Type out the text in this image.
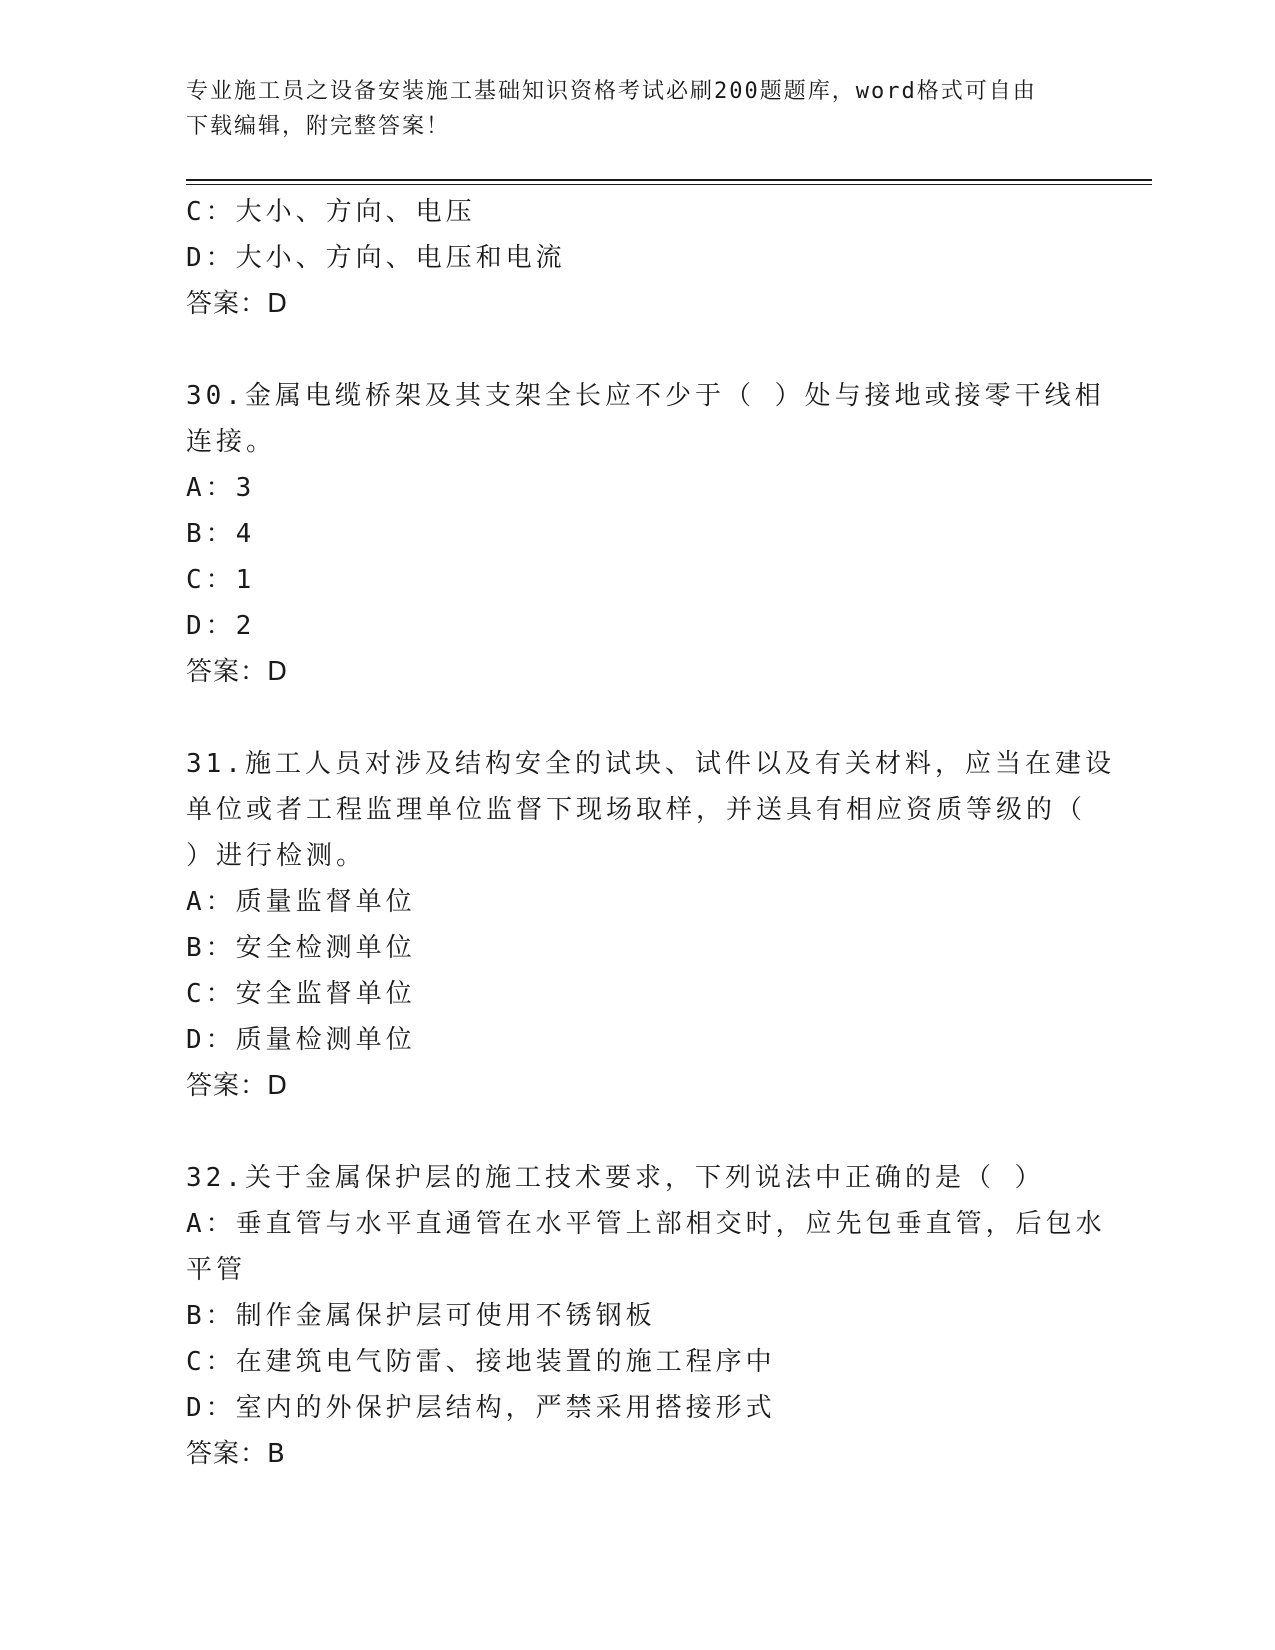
专业施工员之设备安装施工基础知识资格考试必刷200题题库，word格式可自由
下载编辑，附完整答案！
C：大小、方向、电压
D：大小、方向、电压和电流
答案：D
30.金属电缆桥架及其支架全长应不少于（ ）处与接地或接零干线相
连接。
A：3
B：4
C：1
D：2
答案：D
31.施工人员对涉及结构安全的试块、试件以及有关材料，应当在建设
单位或者工程监理单位监督下现场取样，并送具有相应资质等级的（
）进行检测。
A：质量监督单位
B：安全检测单位
C：安全监督单位
D：质量检测单位
答案：D
32.关于金属保护层的施工技术要求，下列说法中正确的是（ ）
A：垂直管与水平直通管在水平管上部相交时，应先包垂直管，后包水
平管
B：制作金属保护层可使用不锈钢板
C：在建筑电气防雷、接地装置的施工程序中
D：室内的外保护层结构，严禁采用搭接形式
答案：B
